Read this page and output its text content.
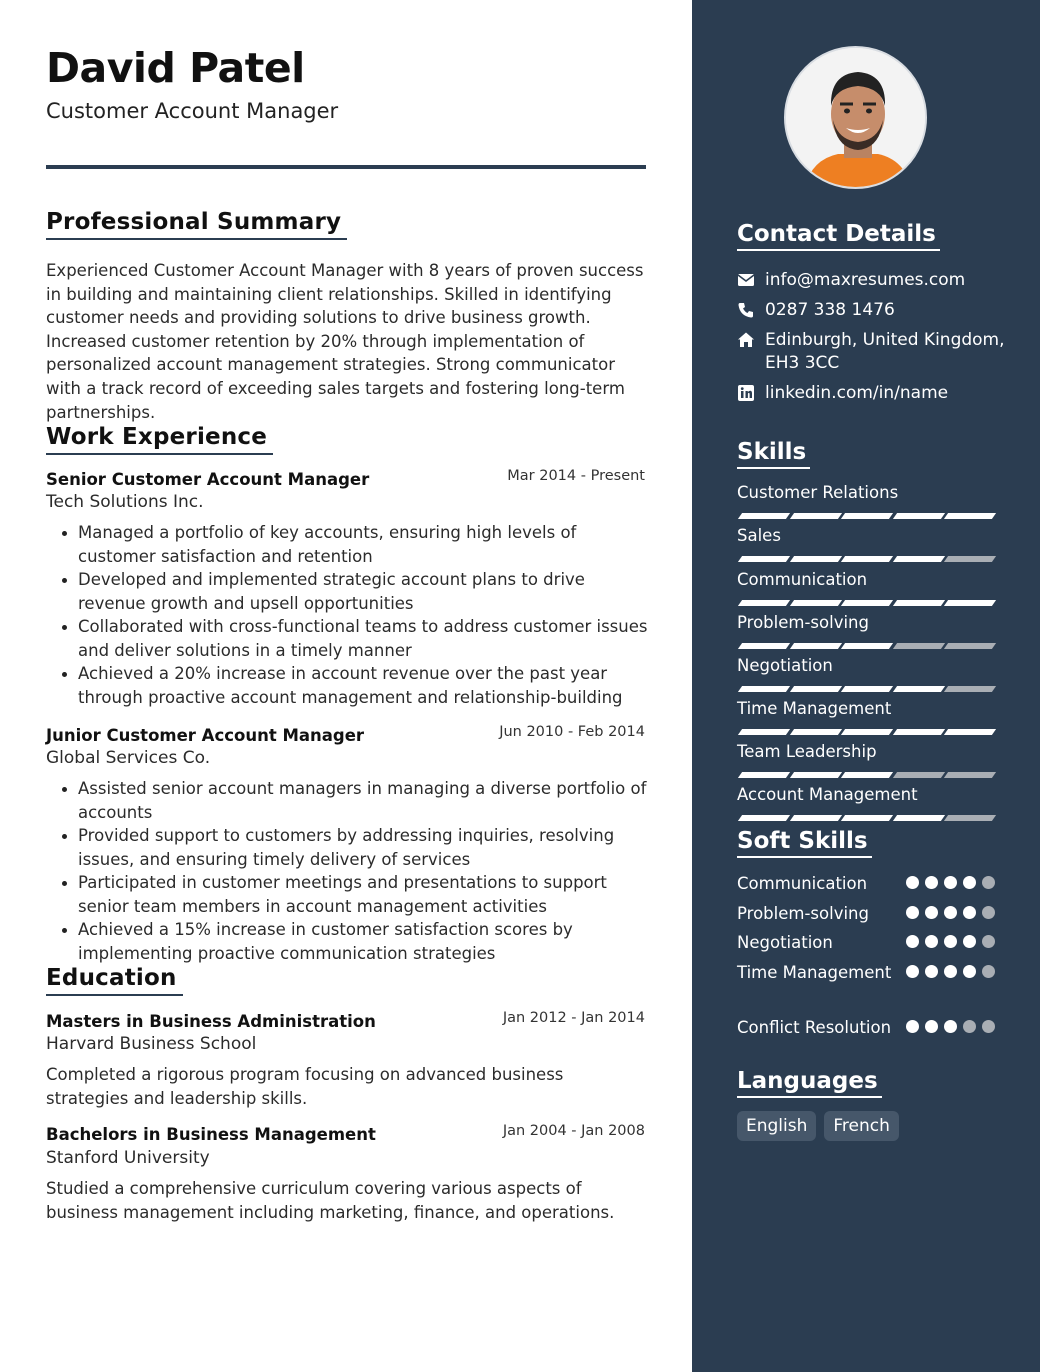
David Patel
Customer Account Manager
Professional Summary
Experienced Customer Account Manager with 8 years of proven success in building and maintaining client relationships. Skilled in identifying customer needs and providing solutions to drive business growth. Increased customer retention by 20% through implementation of personalized account management strategies. Strong communicator with a track record of exceeding sales targets and fostering long-term partnerships.
Work Experience
Senior Customer Account Manager	Mar 2014 - Present
Tech Solutions Inc.
Managed a portfolio of key accounts, ensuring high levels of customer satisfaction and retention
Developed and implemented strategic account plans to drive revenue growth and upsell opportunities
Collaborated with cross-functional teams to address customer issues and deliver solutions in a timely manner
Achieved a 20% increase in account revenue over the past year through proactive account management and relationship-building
Junior Customer Account Manager	Jun 2010 - Feb 2014
Global Services Co.
Assisted senior account managers in managing a diverse portfolio of accounts
Provided support to customers by addressing inquiries, resolving issues, and ensuring timely delivery of services
Participated in customer meetings and presentations to support senior team members in account management activities
Achieved a 15% increase in customer satisfaction scores by implementing proactive communication strategies
Education
Masters in Business Administration	Jan 2012 - Jan 2014
Harvard Business School
Completed a rigorous program focusing on advanced business strategies and leadership skills.
Bachelors in Business Management	Jan 2004 - Jan 2008
Stanford University
Studied a comprehensive curriculum covering various aspects of business management including marketing, finance, and operations.
Contact Details
info@maxresumes.com
0287 338 1476
Edinburgh, United Kingdom, EH3 3CC
linkedin.com/in/name
Skills
Customer Relations
Sales
Communication
Problem-solving
Negotiation
Time Management
Team Leadership
Account Management
Soft Skills
Communication
Problem-solving
Negotiation
Time Management
Conflict Resolution
Languages
English	French
